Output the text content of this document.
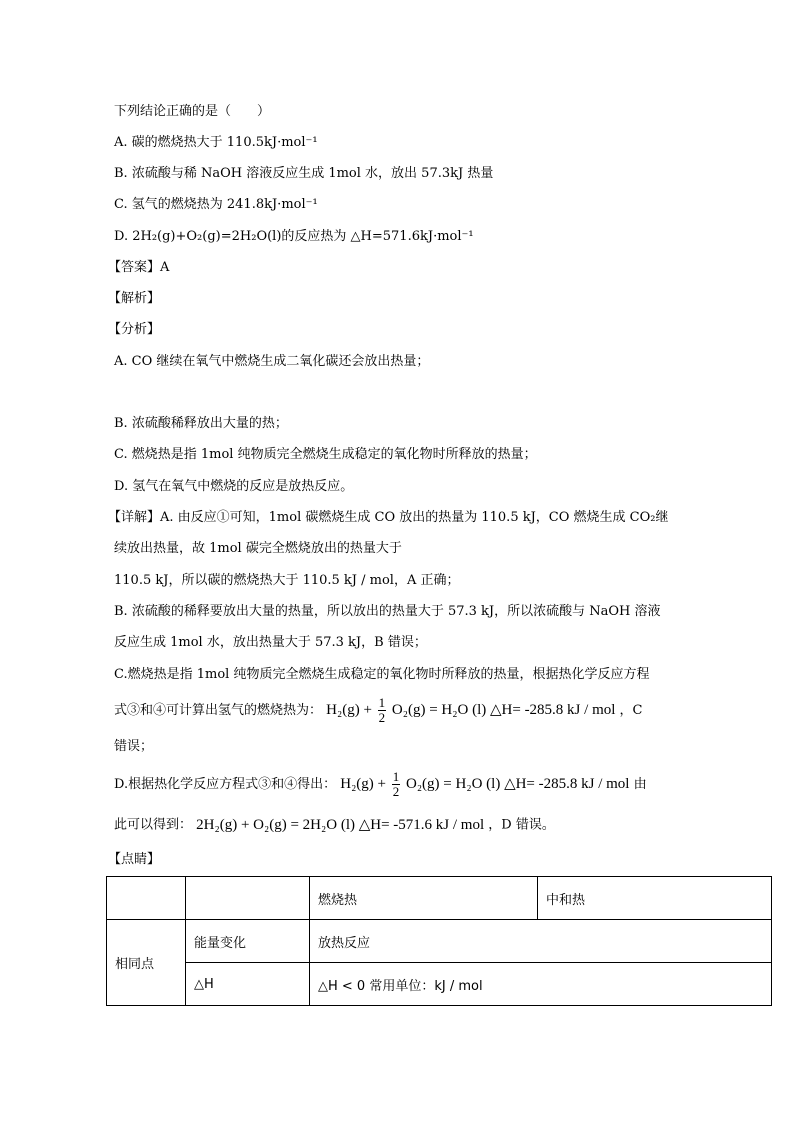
下列结论正确的是（　　）
A. 碳的燃烧热大于 110.5kJ·mol⁻¹
B. 浓硫酸与稀 NaOH 溶液反应生成 1mol 水，放出 57.3kJ 热量
C. 氢气的燃烧热为 241.8kJ·mol⁻¹
D. 2H₂(g)+O₂(g)=2H₂O(l)的反应热为 △H=571.6kJ·mol⁻¹
【答案】A
【解析】
【分析】
A. CO 继续在氧气中燃烧生成二氧化碳还会放出热量；
B. 浓硫酸稀释放出大量的热；
C. 燃烧热是指 1mol 纯物质完全燃烧生成稳定的氧化物时所释放的热量；
D. 氢气在氧气中燃烧的反应是放热反应。
【详解】A. 由反应①可知，1mol 碳燃烧生成 CO 放出的热量为 110.5 kJ，CO 燃烧生成 CO₂继
续放出热量，故 1mol 碳完全燃烧放出的热量大于
110.5 kJ，所以碳的燃烧热大于 110.5 kJ / mol，A 正确；
B. 浓硫酸的稀释要放出大量的热量，所以放出的热量大于 57.3 kJ，所以浓硫酸与 NaOH 溶液
反应生成 1mol 水，放出热量大于 57.3 kJ，B 错误；
C.燃烧热是指 1mol 纯物质完全燃烧生成稳定的氧化物时所释放的热量，根据热化学反应方程
式③和④可计算出氢气的燃烧热为： $H_2(g) + \frac{1}{2} O_2(g) = H_2O$ (l) △H= -285.8 kJ / mol ，C
错误；
D.根据热化学反应方程式③和④得出： $H_2(g) + \frac{1}{2} O_2(g) = H_2O$ (l) △H= -285.8 kJ / mol 由
此可以得到： 2H₂(g) + O₂(g) = 2H₂O (l) △H= -571.6 kJ / mol ，D 错误。
【点睛】
		燃烧热	中和热
相同点	能量变化	放热反应	
	△H	△H < 0 常用单位：kJ / mol	
